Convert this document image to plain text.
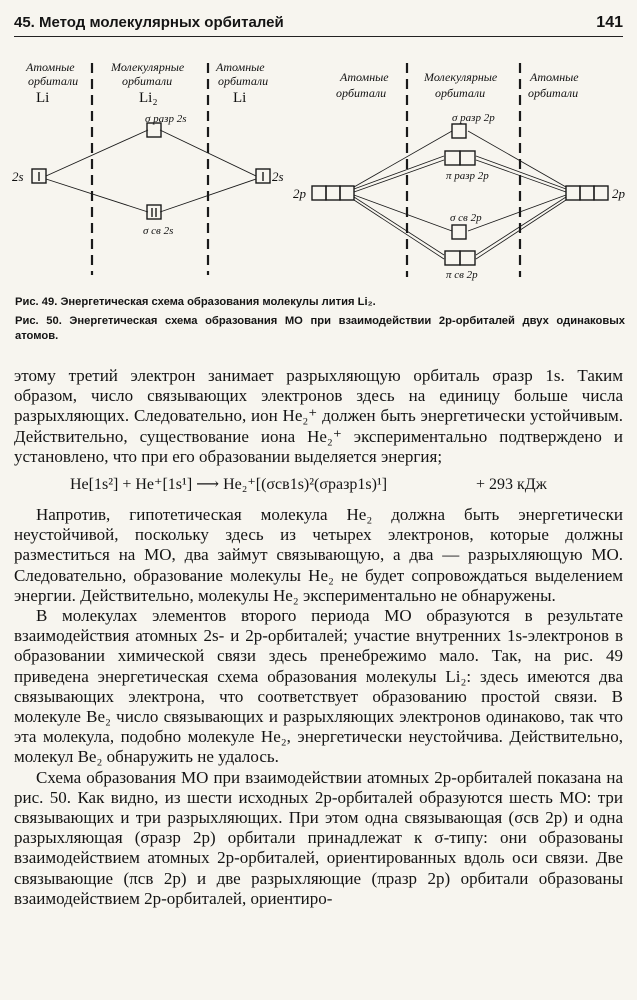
45. Метод молекулярных орбиталей	141
Атомные
орбитали
Li
Молекулярные
орбитали
Li₂
Атомные
орбитали
Li
2s	2s
σ разр 2s
σ св 2s
Атомные
орбитали
Молекулярные
орбитали
Атомные
орбитали
2p	2p
σ разр 2p
π разр 2p
σ св 2p
π св 2p

Рис. 49. Энергетическая схема образования молекулы лития Li₂.

Рис. 50. Энергетическая схема образования МО при взаимодействии 2p-орбиталей двух одинаковых атомов.

этому третий электрон занимает разрыхляющую орбиталь σразр 1s. Таким образом, число связывающих электронов здесь на единицу больше числа разрыхляющих. Следовательно, ион He₂⁺ должен быть энергетически устойчивым. Действительно, существование иона He₂⁺ экспериментально подтверждено и установлено, что при его образовании выделяется энергия;

He[1s²] + He⁺[1s¹] ⟶ He₂⁺[(σсв1s)²(σразр1s)¹]	+ 293 кДж

Напротив, гипотетическая молекула He₂ должна быть энергетически неустойчивой, поскольку здесь из четырех электронов, которые должны разместиться на МО, два займут связывающую, а два — разрыхляющую МО. Следовательно, образование молекулы He₂ не будет сопровождаться выделением энергии. Действительно, молекулы He₂ экспериментально не обнаружены.

В молекулах элементов второго периода МО образуются в результате взаимодействия атомных 2s- и 2p-орбиталей; участие внутренних 1s-электронов в образовании химической связи здесь пренебрежимо мало. Так, на рис. 49 приведена энергетическая схема образования молекулы Li₂: здесь имеются два связывающих электрона, что соответствует образованию простой связи. В молекуле Be₂ число связывающих и разрыхляющих электронов одинаково, так что эта молекула, подобно молекуле He₂, энергетически неустойчива. Действительно, молекул Be₂ обнаружить не удалось.

Схема образования МО при взаимодействии атомных 2p-орбиталей показана на рис. 50. Как видно, из шести исходных 2p-орбиталей образуются шесть МО: три связывающих и три разрыхляющих. При этом одна связывающая (σсв 2p) и одна разрыхляющая (σразр 2p) орбитали принадлежат к σ-типу: они образованы взаимодействием атомных 2p-орбиталей, ориентированных вдоль оси связи. Две связывающие (πсв 2p) и две разрыхляющие (πразр 2p) орбитали образованы взаимодействием 2p-орбиталей, ориентиро-
